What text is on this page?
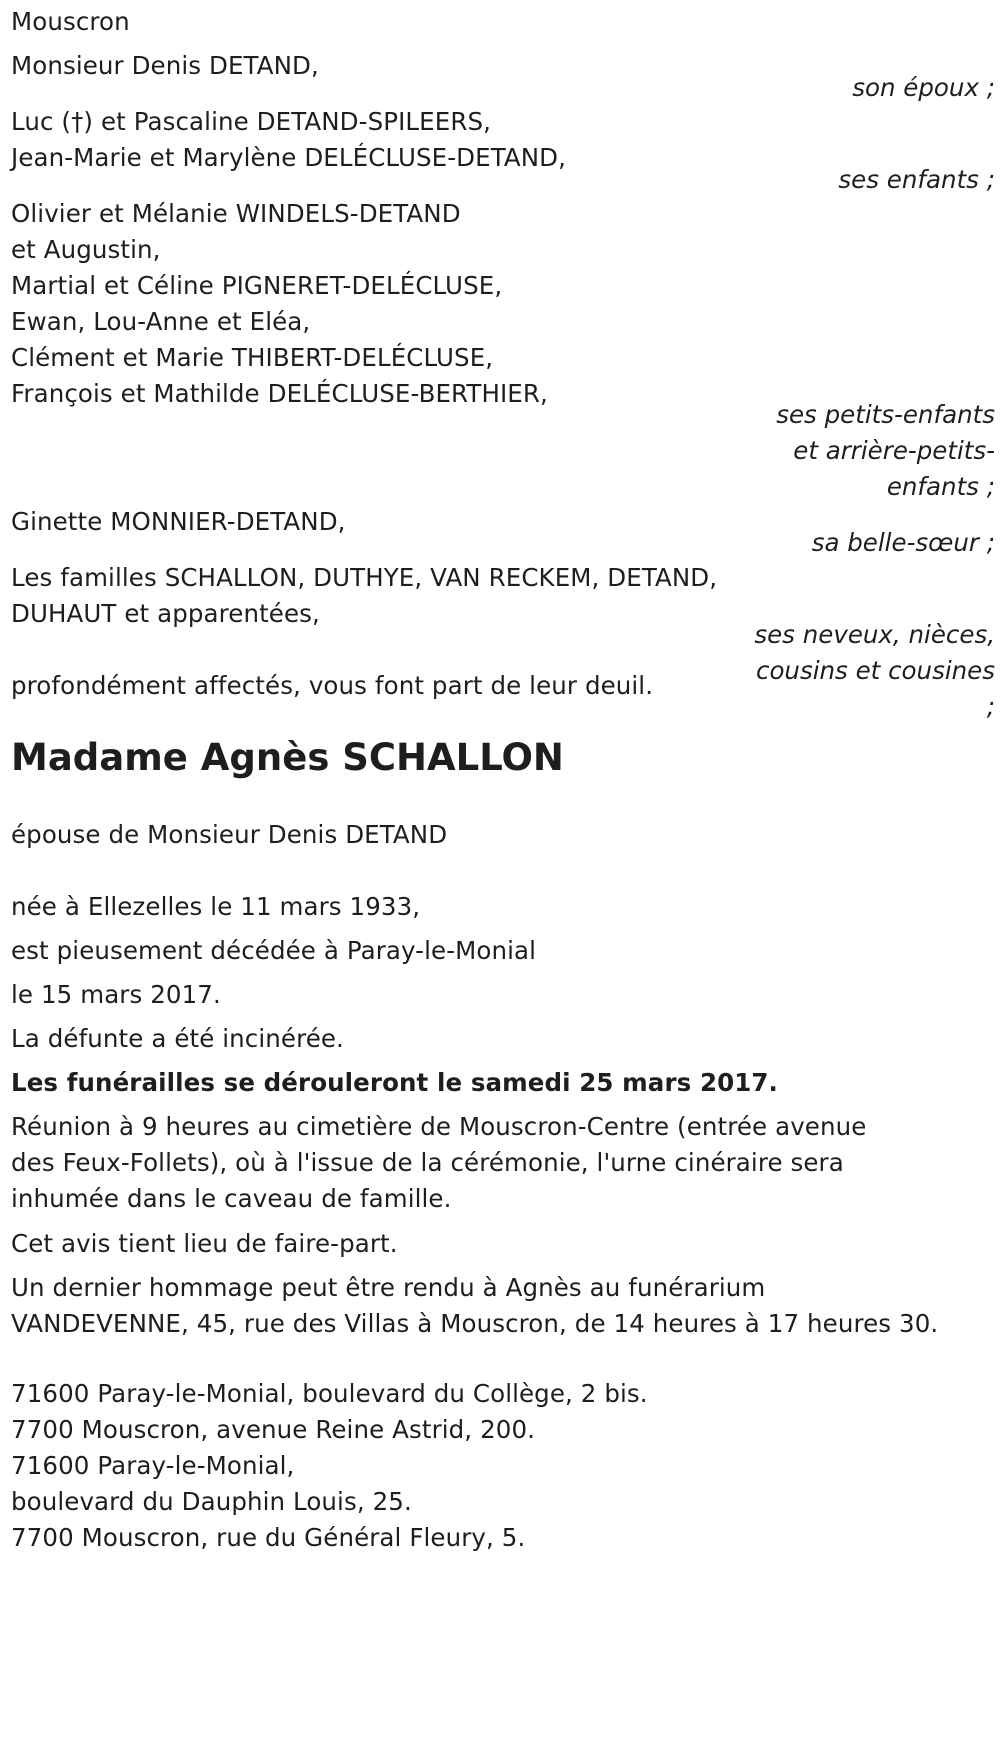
Mouscron
Monsieur Denis DETAND,
son époux ;
Luc (†) et Pascaline DETAND-SPILEERS,
Jean-Marie et Marylène DELÉCLUSE-DETAND,
ses enfants ;
Olivier et Mélanie WINDELS-DETAND
et Augustin,
Martial et Céline PIGNERET-DELÉCLUSE,
Ewan, Lou-Anne et Eléa,
Clément et Marie THIBERT-DELÉCLUSE,
François et Mathilde DELÉCLUSE-BERTHIER,
ses petits-enfants
et arrière-petits-
enfants ;
Ginette MONNIER-DETAND,
sa belle-sœur ;
Les familles SCHALLON, DUTHYE, VAN RECKEM, DETAND,
DUHAUT et apparentées,
ses neveux, nièces,
cousins et cousines
;
profondément affectés, vous font part de leur deuil.
Madame Agnès SCHALLON
épouse de Monsieur Denis DETAND
née à Ellezelles le 11 mars 1933,
est pieusement décédée à Paray-le-Monial
le 15 mars 2017.
La défunte a été incinérée.
Les funérailles se dérouleront le samedi 25 mars 2017.
Réunion à 9 heures au cimetière de Mouscron-Centre (entrée avenue
des Feux-Follets), où à l'issue de la cérémonie, l'urne cinéraire sera
inhumée dans le caveau de famille.
Cet avis tient lieu de faire-part.
Un dernier hommage peut être rendu à Agnès au funérarium
VANDEVENNE, 45, rue des Villas à Mouscron, de 14 heures à 17 heures 30.
71600 Paray-le-Monial, boulevard du Collège, 2 bis.
7700 Mouscron, avenue Reine Astrid, 200.
71600 Paray-le-Monial,
boulevard du Dauphin Louis, 25.
7700 Mouscron, rue du Général Fleury, 5.
